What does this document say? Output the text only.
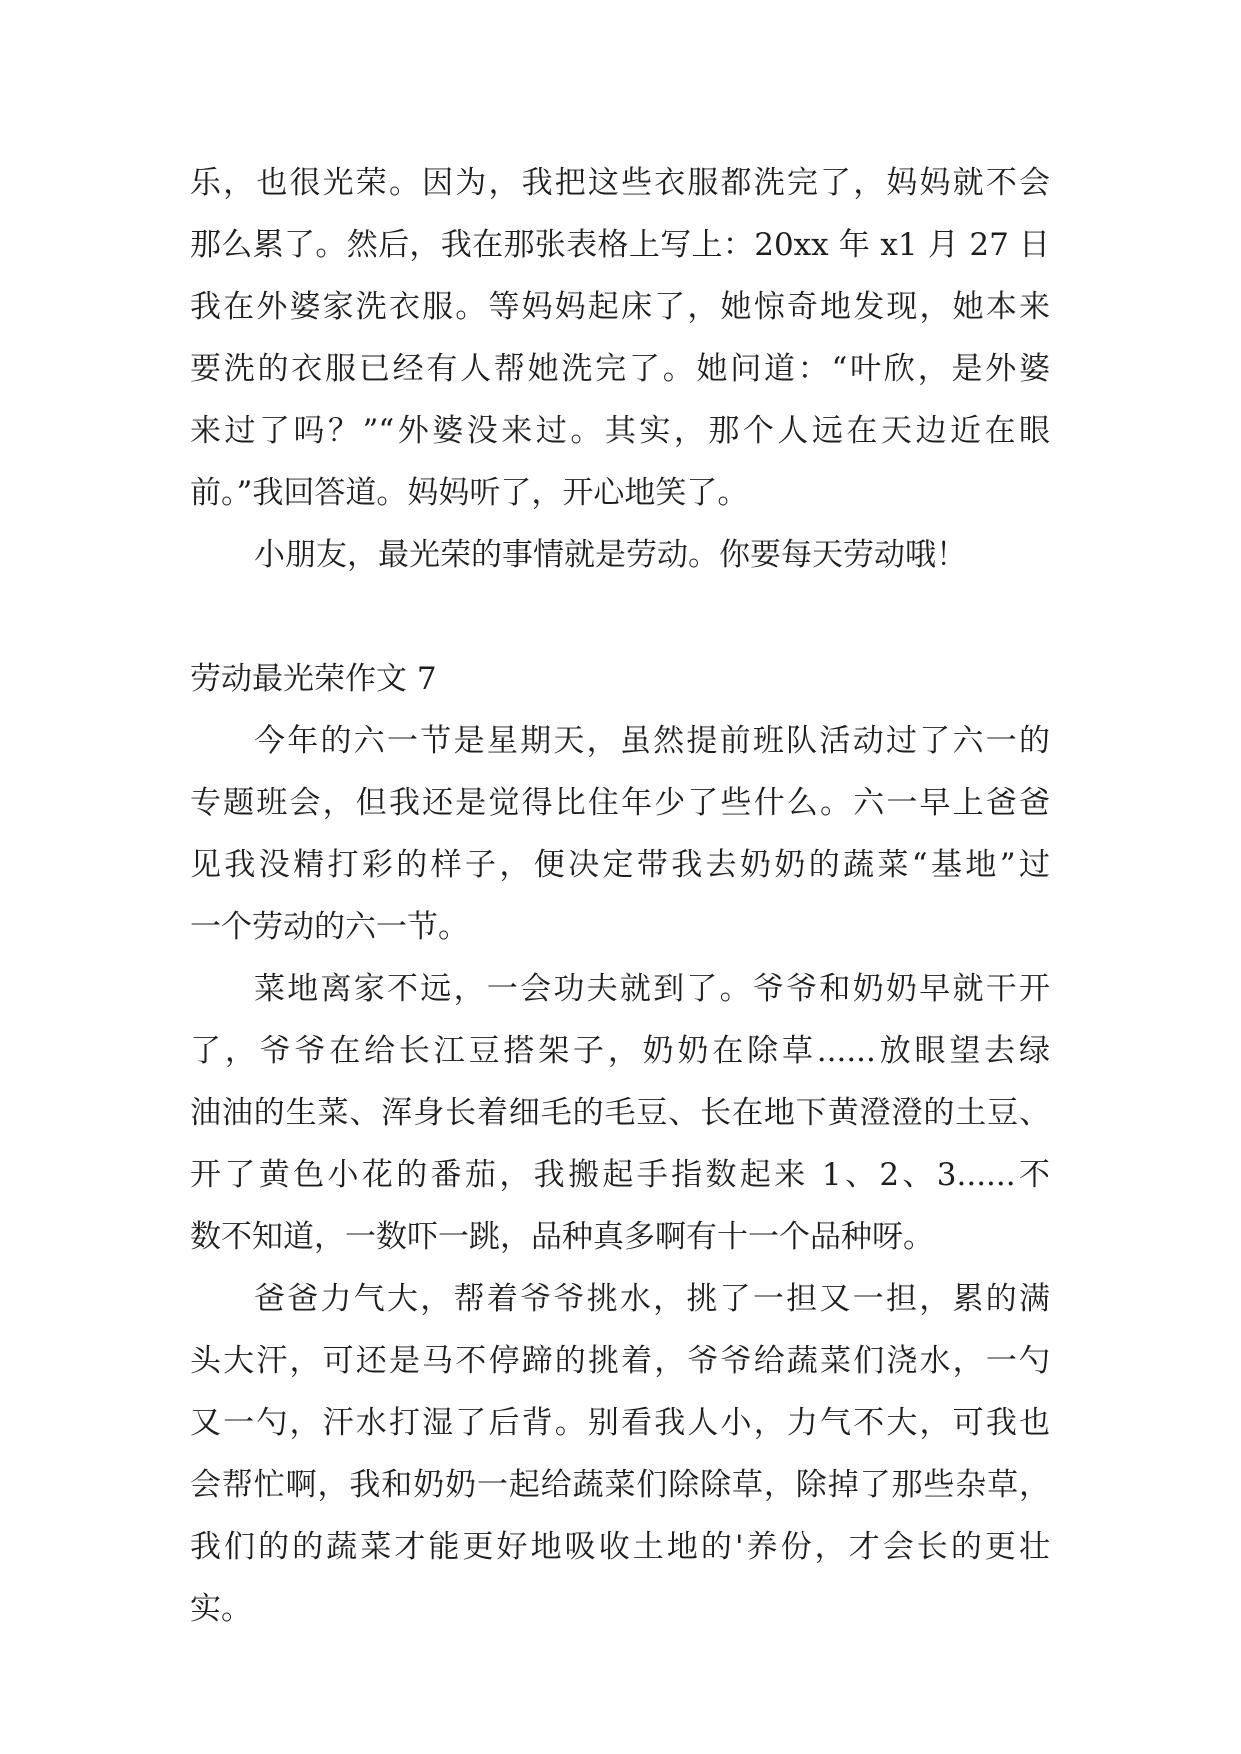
乐，也很光荣。因为，我把这些衣服都洗完了，妈妈就不会
那么累了。然后，我在那张表格上写上：20xx 年 x1 月 27 日
我在外婆家洗衣服。等妈妈起床了，她惊奇地发现，她本来
要洗的衣服已经有人帮她洗完了。她问道：“叶欣，是外婆
来过了吗？”“外婆没来过。其实，那个人远在天边近在眼
前。”我回答道。妈妈听了，开心地笑了。
小朋友，最光荣的事情就是劳动。你要每天劳动哦！
劳动最光荣作文 7
今年的六一节是星期天，虽然提前班队活动过了六一的
专题班会，但我还是觉得比住年少了些什么。六一早上爸爸
见我没精打彩的样子，便决定带我去奶奶的蔬菜“基地”过
一个劳动的六一节。
菜地离家不远，一会功夫就到了。爷爷和奶奶早就干开
了，爷爷在给长江豆搭架子，奶奶在除草......放眼望去绿
油油的生菜、浑身长着细毛的毛豆、长在地下黄澄澄的土豆、
开了黄色小花的番茄，我搬起手指数起来 1、2、3......不
数不知道，一数吓一跳，品种真多啊有十一个品种呀。
爸爸力气大，帮着爷爷挑水，挑了一担又一担，累的满
头大汗，可还是马不停蹄的挑着，爷爷给蔬菜们浇水，一勺
又一勺，汗水打湿了后背。别看我人小，力气不大，可我也
会帮忙啊，我和奶奶一起给蔬菜们除除草，除掉了那些杂草，
我们的的蔬菜才能更好地吸收土地的'养份，才会长的更壮
实。
